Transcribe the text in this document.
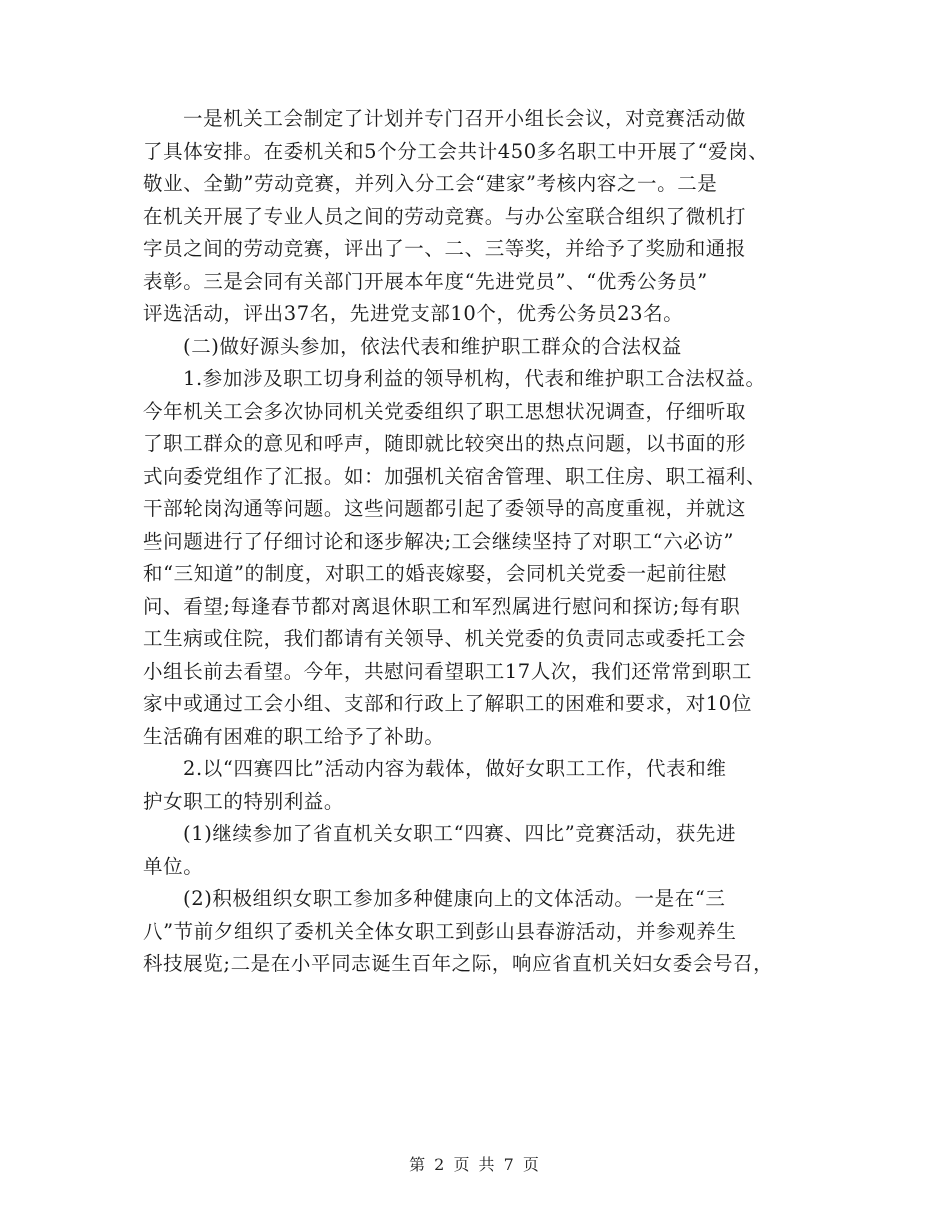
一是机关工会制定了计划并专门召开小组长会议，对竞赛活动做
了具体安排。在委机关和5个分工会共计450多名职工中开展了“爱岗、
敬业、全勤”劳动竞赛，并列入分工会“建家”考核内容之一。二是
在机关开展了专业人员之间的劳动竞赛。与办公室联合组织了微机打
字员之间的劳动竞赛，评出了一、二、三等奖，并给予了奖励和通报
表彰。三是会同有关部门开展本年度“先进党员”、“优秀公务员”
评选活动，评出37名，先进党支部10个，优秀公务员23名。
(二)做好源头参加，依法代表和维护职工群众的合法权益
1.参加涉及职工切身利益的领导机构，代表和维护职工合法权益。
今年机关工会多次协同机关党委组织了职工思想状况调查，仔细听取
了职工群众的意见和呼声，随即就比较突出的热点问题，以书面的形
式向委党组作了汇报。如：加强机关宿舍管理、职工住房、职工福利、
干部轮岗沟通等问题。这些问题都引起了委领导的高度重视，并就这
些问题进行了仔细讨论和逐步解决;工会继续坚持了对职工“六必访”
和“三知道”的制度，对职工的婚丧嫁娶，会同机关党委一起前往慰
问、看望;每逢春节都对离退休职工和军烈属进行慰问和探访;每有职
工生病或住院，我们都请有关领导、机关党委的负责同志或委托工会
小组长前去看望。今年，共慰问看望职工17人次，我们还常常到职工
家中或通过工会小组、支部和行政上了解职工的困难和要求，对10位
生活确有困难的职工给予了补助。
2.以“四赛四比”活动内容为载体，做好女职工工作，代表和维
护女职工的特别利益。
(1)继续参加了省直机关女职工“四赛、四比”竞赛活动，获先进
单位。
(2)积极组织女职工参加多种健康向上的文体活动。一是在“三
八”节前夕组织了委机关全体女职工到彭山县春游活动，并参观养生
科技展览;二是在小平同志诞生百年之际，响应省直机关妇女委会号召，
第 2 页 共 7 页
